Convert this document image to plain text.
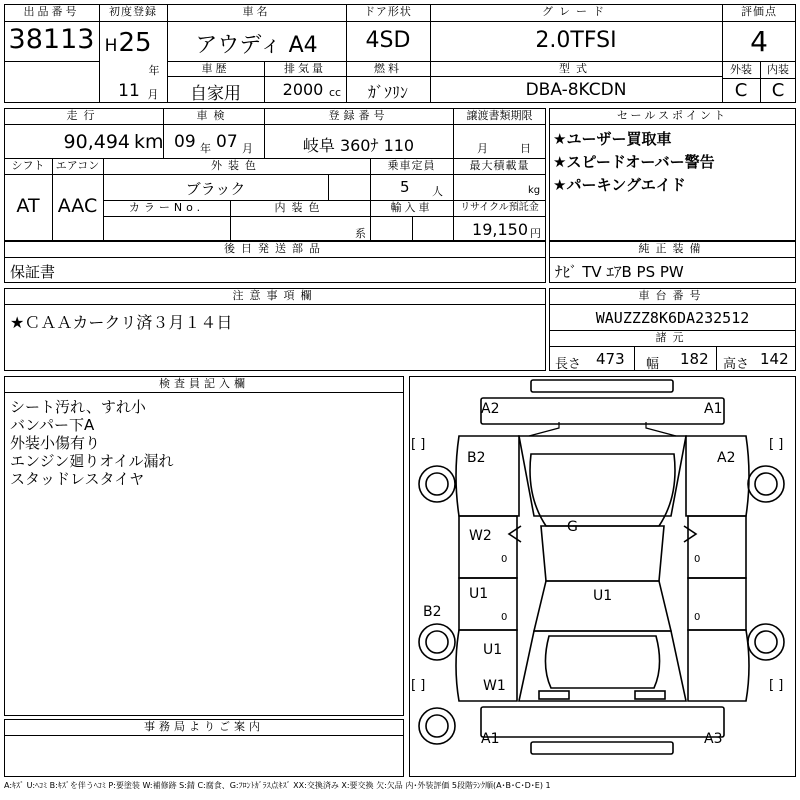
出品番号
38113
初度登録
H 25
年
11 月
車名
アウディ A4
ドア形状
4SD
グレード
2.0TFSI
評価点
4
車歴
自家用
排気量
2000 cc
燃料
ｶﾞｿﾘﾝ
型式
DBA-8KCDN
外装	内装
C	C
セールスポイント
★ユーザー買取車
★スピードオーバー警告
★パーキングエイド
走行
90,494 km
車検
09 年 07 月
登録番号
岐阜 360ﾅ 110
譲渡書類期限
月	日
シフト
AT
エアコン
AAC
外装色
ブラック
乗車定員
5 人
最大積載量
kg
カラーNo.	内装色
系
輸入車	リサイクル預託金
19,150 円
後日発送部品
保証書
純正装備
ﾅﾋﾞ TV ｴｱB PS PW
注意事項欄
★ＣＡＡカークリ済３月１４日
車台番号
WAUZZZ8K6DA232512
諸元
長さ 473 幅 182 高さ 142
検査員記入欄
シート汚れ、すれ小
バンパー下A
外装小傷有り
エンジン廻りオイル漏れ
スタッドレスタイヤ
事務局よりご案内
[ ]	[ ]
[ ]	[ ]
0
0
0
0
A2	A1
B2	A2
G
W2
U1	U1
B2
U1
W1
A1	A3
A:ｷｽﾞ U:ﾍｺﾐ B:ｷｽﾞを伴うﾍｺﾐ P:要塗装 W:補修跡 S:錆 C:腐食、G:ﾌﾛﾝﾄｶﾞﾗｽ点ｷｽﾞ XX:交換済み X:要交換 欠:欠品 内･外装評価 5段階ﾗﾝｸ順(A･B･C･D･E) 1
